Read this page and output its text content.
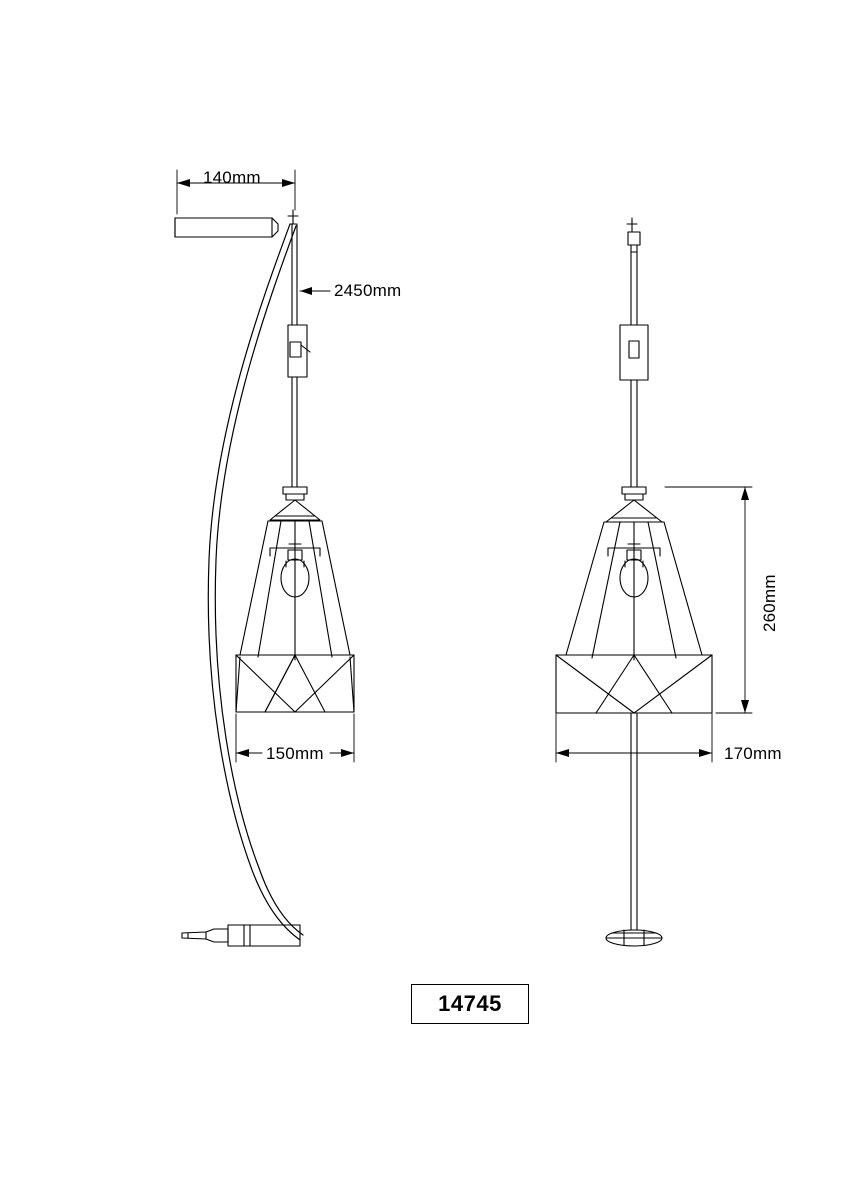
140mm
2450mm
150mm	170mm
260mm
14745
